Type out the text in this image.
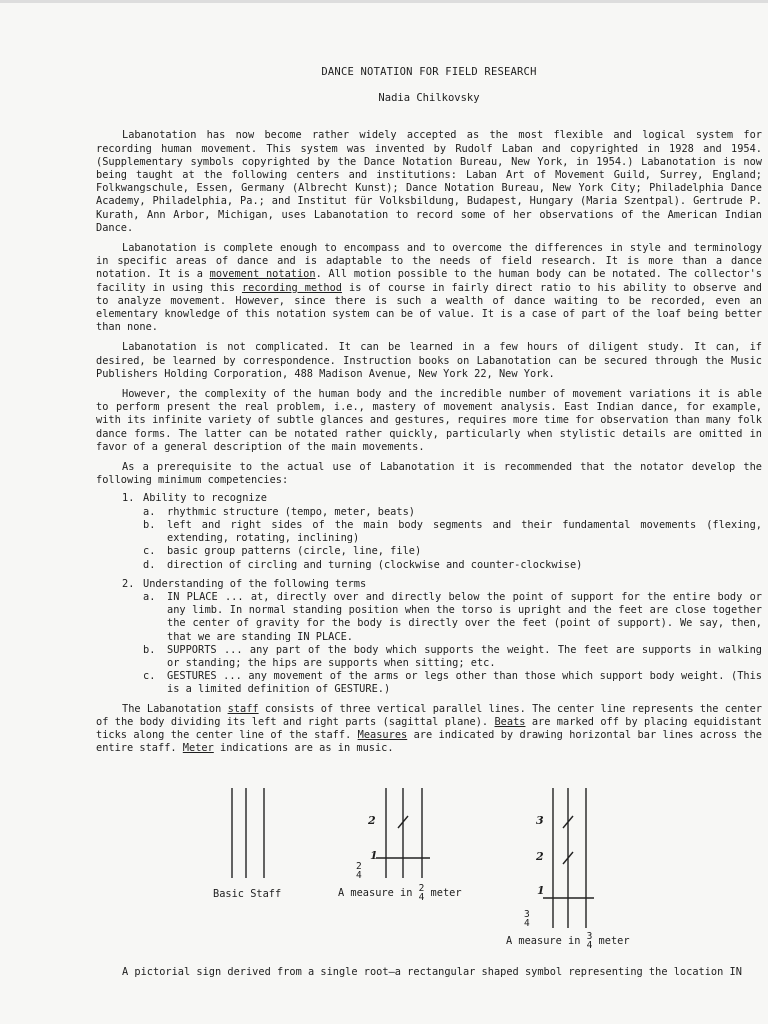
DANCE NOTATION FOR FIELD RESEARCH
Nadia Chilkovsky

Labanotation has now become rather widely accepted as the most flexible and logical system for recording human movement. This system was invented by Rudolf Laban and copyrighted in 1928 and 1954. (Supplementary symbols copyrighted by the Dance Notation Bureau, New York, in 1954.) Labanotation is now being taught at the following centers and institutions: Laban Art of Movement Guild, Surrey, England; Folkwangschule, Essen, Germany (Albrecht Kunst); Dance Notation Bureau, New York City; Philadelphia Dance Academy, Philadelphia, Pa.; and Institut für Volksbildung, Budapest, Hungary (Maria Szentpal). Gertrude P. Kurath, Ann Arbor, Michigan, uses Labanotation to record some of her observations of the American Indian Dance.

Labanotation is complete enough to encompass and to overcome the differences in style and terminology in specific areas of dance and is adaptable to the needs of field research. It is more than a dance notation. It is a movement notation. All motion possible to the human body can be notated. The collector's facility in using this recording method is of course in fairly direct ratio to his ability to observe and to analyze movement. However, since there is such a wealth of dance waiting to be recorded, even an elementary knowledge of this notation system can be of value. It is a case of part of the loaf being better than none.

Labanotation is not complicated. It can be learned in a few hours of diligent study. It can, if desired, be learned by correspondence. Instruction books on Labanotation can be secured through the Music Publishers Holding Corporation, 488 Madison Avenue, New York 22, New York.

However, the complexity of the human body and the incredible number of movement variations it is able to perform present the real problem, i.e., mastery of movement analysis. East Indian dance, for example, with its infinite variety of subtle glances and gestures, requires more time for observation than many folk dance forms. The latter can be notated rather quickly, particularly when stylistic details are omitted in favor of a general description of the main movements.

As a prerequisite to the actual use of Labanotation it is recommended that the notator develop the following minimum competencies:

1. Ability to recognize
a. rhythmic structure (tempo, meter, beats)
b. left and right sides of the main body segments and their fundamental movements (flexing, extending, rotating, inclining)
c. basic group patterns (circle, line, file)
d. direction of circling and turning (clockwise and counter-clockwise)
2. Understanding of the following terms
a. IN PLACE ... at, directly over and directly below the point of support for the entire body or any limb. In normal standing position when the torso is upright and the feet are close together the center of gravity for the body is directly over the feet (point of support). We say, then, that we are standing IN PLACE.
b. SUPPORTS ... any part of the body which supports the weight. The feet are supports in walking or standing; the hips are supports when sitting; etc.
c. GESTURES ... any movement of the arms or legs other than those which support body weight. (This is a limited definition of GESTURE.)

The Labanotation staff consists of three vertical parallel lines. The center line represents the center of the body dividing its left and right parts (sagittal plane). Beats are marked off by placing equidistant ticks along the center line of the staff. Measures are indicated by drawing horizontal bar lines across the entire staff. Meter indications are as in music.

2
1
2
4
3
2
1
3
4
Basic Staff	A measure in 2
4 meter
A measure in 3
4 meter
A pictorial sign derived from a single root—a rectangular shaped symbol representing the location IN
